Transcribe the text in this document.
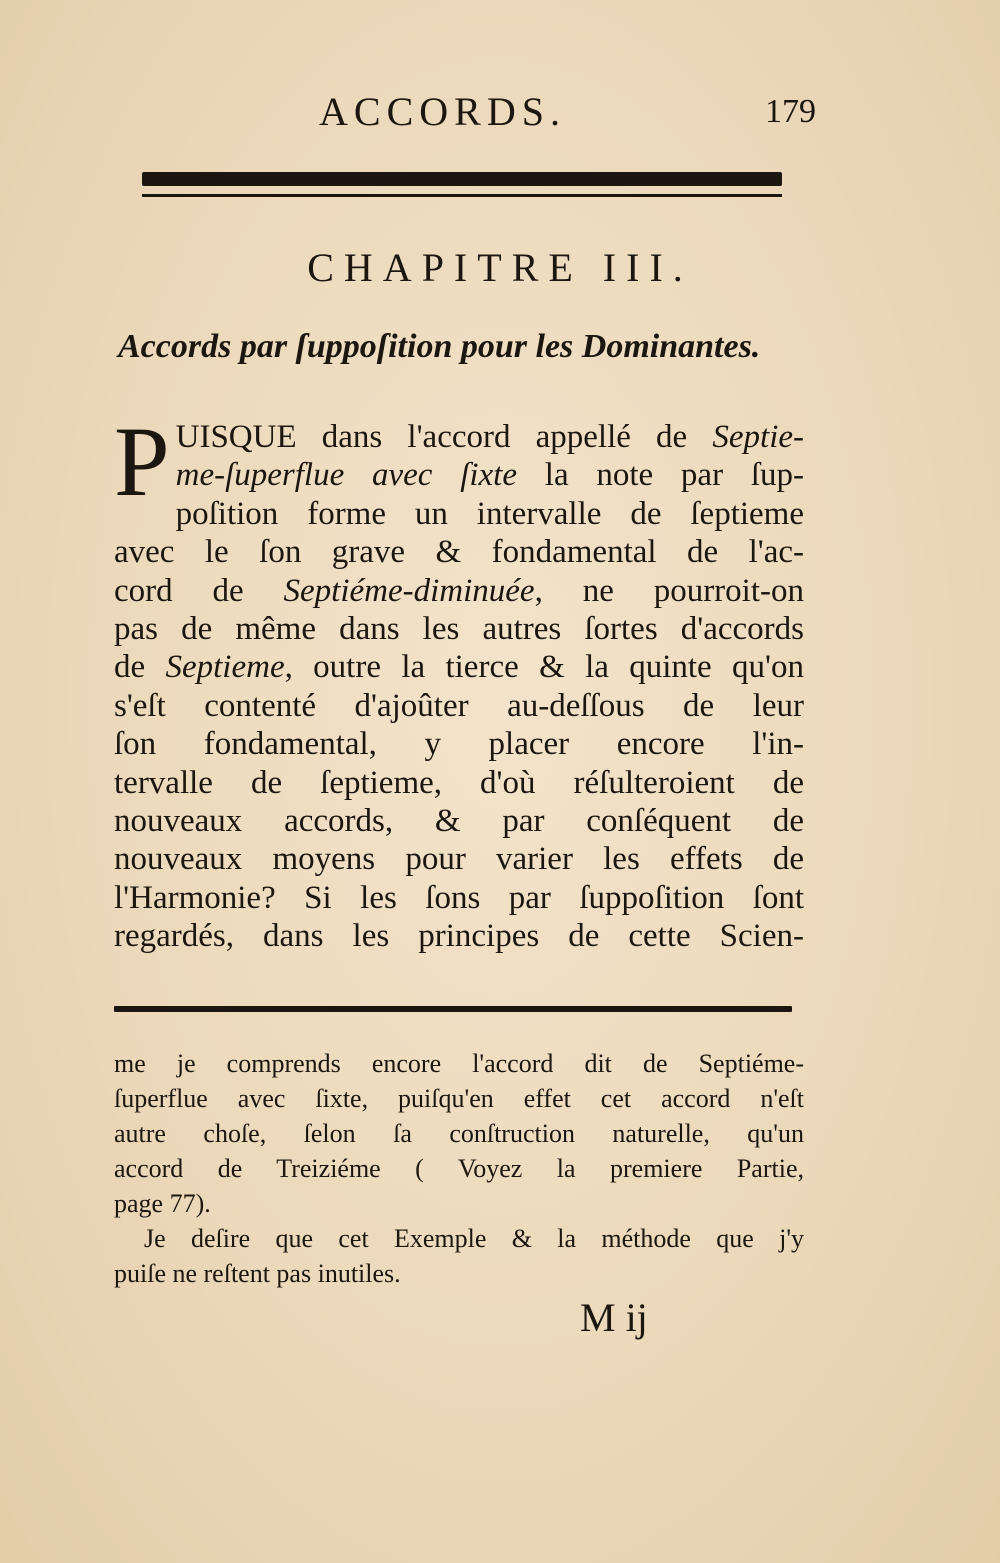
ACCORDS.	179
CHAPITRE III.
Accords par ſuppoſition pour les Dominantes.
PUISQUE dans l'accord appellé de Septie-
me-ſuperflue avec ſixte la note par ſup-
poſition forme un intervalle de ſeptieme
avec le ſon grave & fondamental de l'ac-
cord de Septiéme-diminuée, ne pourroit-on
pas de même dans les autres ſortes d'accords
de Septieme, outre la tierce & la quinte qu'on
s'eſt contenté d'ajoûter au-deſſous de leur
ſon fondamental, y placer encore l'in-
tervalle de ſeptieme, d'où réſulteroient de
nouveaux accords, & par conſéquent de
nouveaux moyens pour varier les effets de
l'Harmonie? Si les ſons par ſuppoſition ſont
regardés, dans les principes de cette Scien-
me je comprends encore l'accord dit de Septiéme-
ſuperflue avec ſixte, puiſqu'en effet cet accord n'eſt
autre choſe, ſelon ſa conſtruction naturelle, qu'un
accord de Treiziéme ( Voyez la premiere Partie,
page 77).
Je deſire que cet Exemple & la méthode que j'y
puiſe ne reſtent pas inutiles.
M ij
